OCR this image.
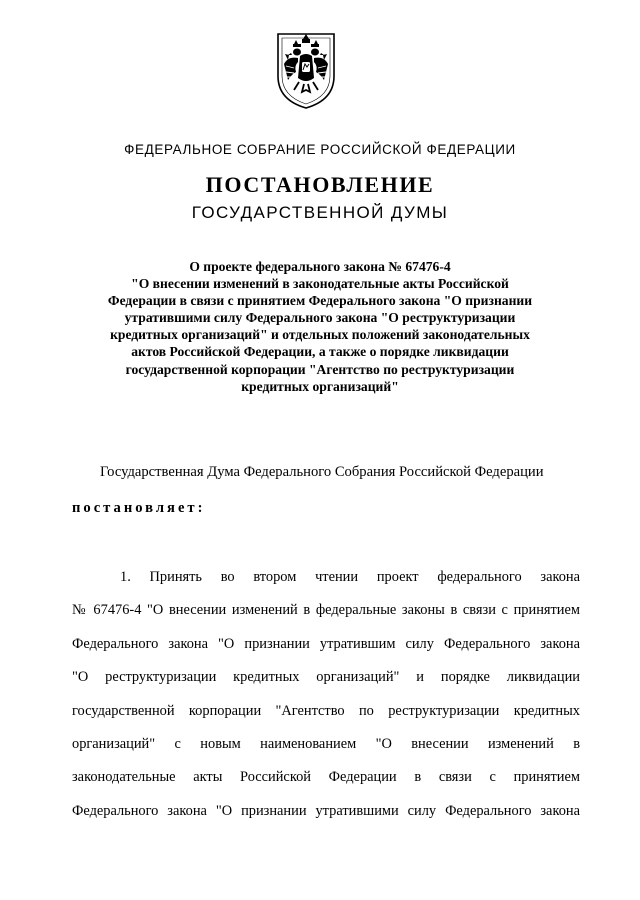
ФЕДЕРАЛЬНОЕ СОБРАНИЕ РОССИЙСКОЙ ФЕДЕРАЦИИ
ПОСТАНОВЛЕНИЕ
ГОСУДАРСТВЕННОЙ ДУМЫ
О проекте федерального закона № 67476-4
"О внесении изменений в законодательные акты Российской
Федерации в связи с принятием Федерального закона "О признании
утратившими силу Федерального закона "О реструктуризации
кредитных организаций" и отдельных положений законодательных
актов Российской Федерации, а также о порядке ликвидации
государственной корпорации "Агентство по реструктуризации
кредитных организаций"
Государственная Дума Федерального Собрания Российской Федерации
постановляет:
1. Принять во втором чтении проект федерального закона
№ 67476-4 "О внесении изменений в федеральные законы в связи с принятием
Федерального закона "О признании утратившим силу Федерального закона
"О реструктуризации кредитных организаций" и порядке ликвидации
государственной корпорации "Агентство по реструктуризации кредитных
организаций" с новым наименованием "О внесении изменений в
законодательные акты Российской Федерации в связи с принятием
Федерального закона "О признании утратившими силу Федерального закона
